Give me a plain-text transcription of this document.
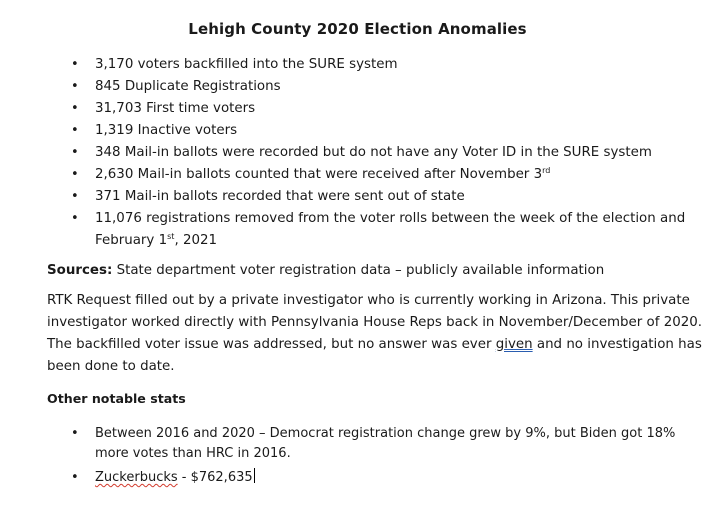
Lehigh County 2020 Election Anomalies
• 3,170 voters backfilled into the SURE system
• 845 Duplicate Registrations
• 31,703 First time voters
• 1,319 Inactive voters
• 348 Mail-in ballots were recorded but do not have any Voter ID in the SURE system
• 2,630 Mail-in ballots counted that were received after November 3rd
• 371 Mail-in ballots recorded that were sent out of state
• 11,076 registrations removed from the voter rolls between the week of the election and February 1st, 2021

Sources: State department voter registration data – publicly available information

RTK Request filled out by a private investigator who is currently working in Arizona. This private investigator worked directly with Pennsylvania House Reps back in November/December of 2020. The backfilled voter issue was addressed, but no answer was ever given and no investigation has been done to date.

Other notable stats
• Between 2016 and 2020 – Democrat registration change grew by 9%, but Biden got 18% more votes than HRC in 2016.
• Zuckerbucks - $762,635
